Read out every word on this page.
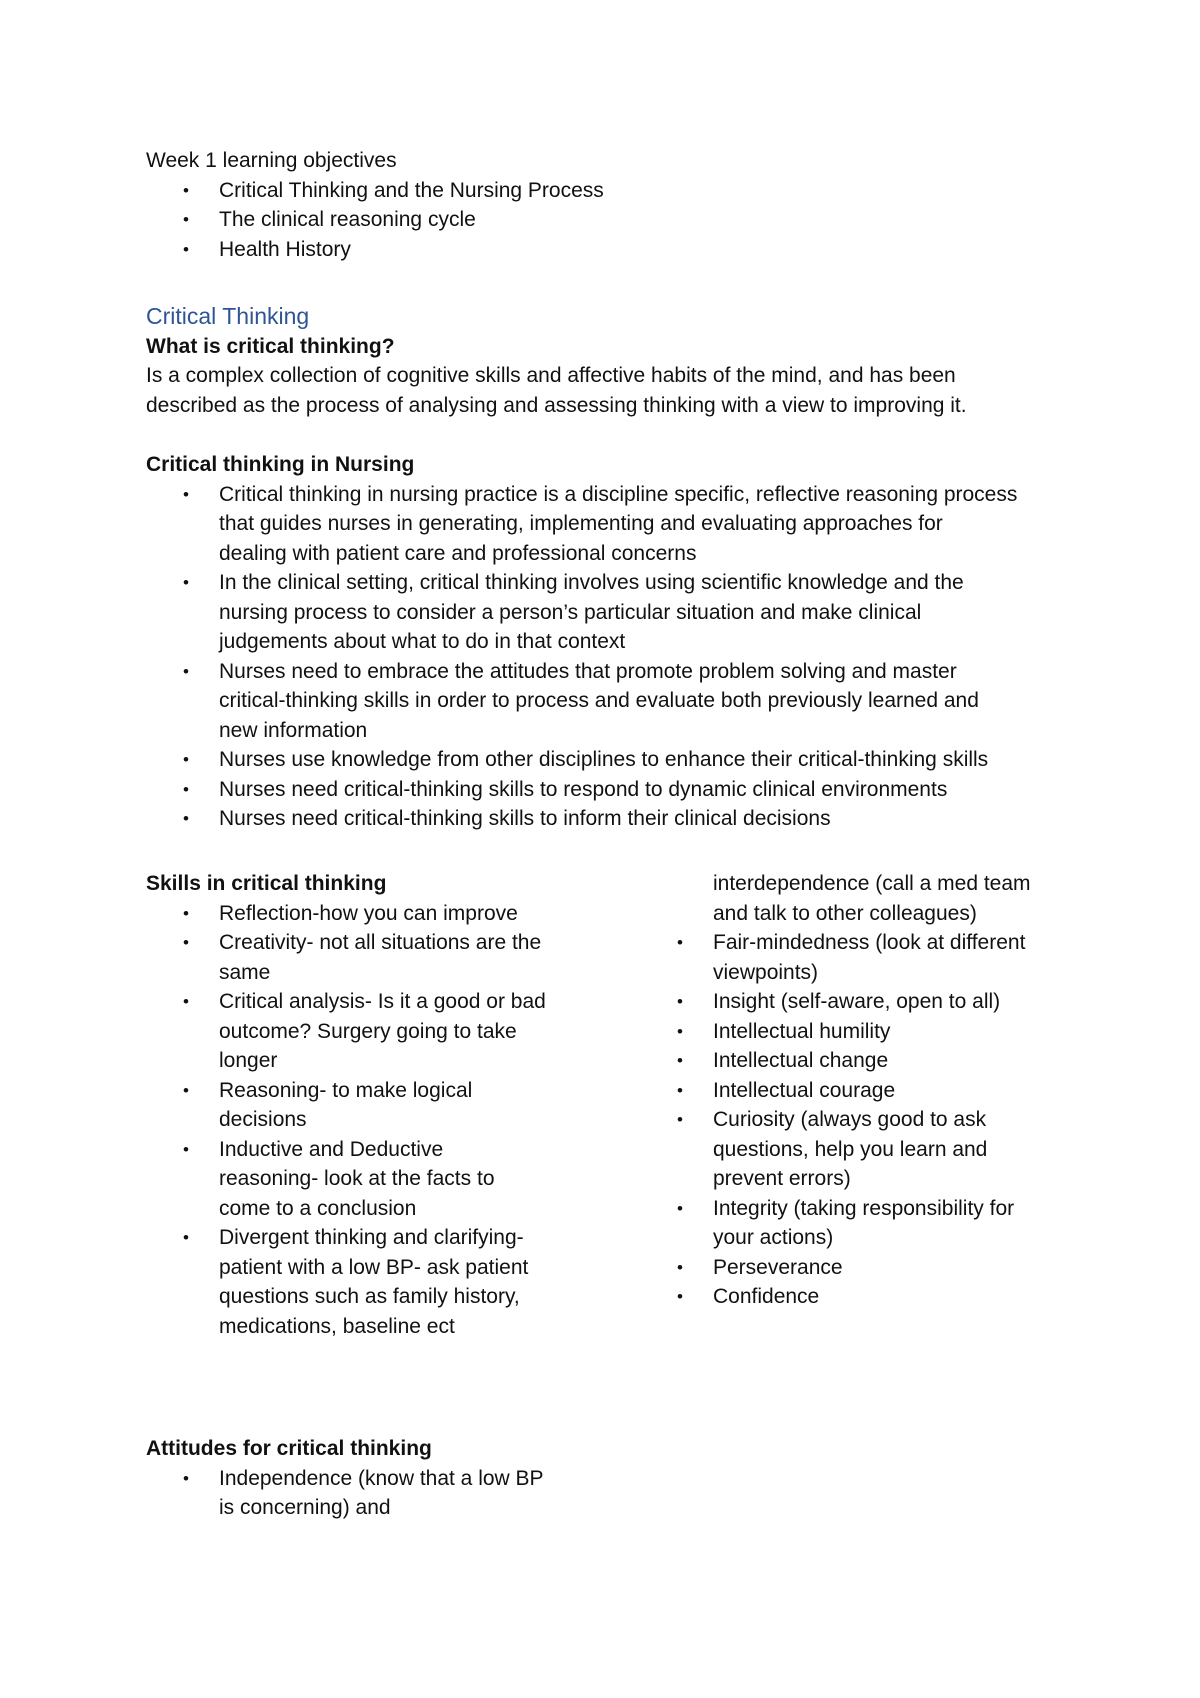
Week 1 learning objectives
• Critical Thinking and the Nursing Process
• The clinical reasoning cycle
• Health History
Critical Thinking
What is critical thinking?
Is a complex collection of cognitive skills and affective habits of the mind, and has been
described as the process of analysing and assessing thinking with a view to improving it.
Critical thinking in Nursing
• Critical thinking in nursing practice is a discipline specific, reflective reasoning process
that guides nurses in generating, implementing and evaluating approaches for
dealing with patient care and professional concerns
• In the clinical setting, critical thinking involves using scientific knowledge and the
nursing process to consider a person’s particular situation and make clinical
judgements about what to do in that context
• Nurses need to embrace the attitudes that promote problem solving and master
critical-thinking skills in order to process and evaluate both previously learned and
new information
• Nurses use knowledge from other disciplines to enhance their critical-thinking skills
• Nurses need critical-thinking skills to respond to dynamic clinical environments
• Nurses need critical-thinking skills to inform their clinical decisions
Skills in critical thinking
• Reflection-how you can improve
• Creativity- not all situations are the
same
• Critical analysis- Is it a good or bad
outcome? Surgery going to take
longer
• Reasoning- to make logical
decisions
• Inductive and Deductive
reasoning- look at the facts to
come to a conclusion
• Divergent thinking and clarifying-
patient with a low BP- ask patient
questions such as family history,
medications, baseline ect
interdependence (call a med team
and talk to other colleagues)
• Fair-mindedness (look at different
viewpoints)
• Insight (self-aware, open to all)
• Intellectual humility
• Intellectual change
• Intellectual courage
• Curiosity (always good to ask
questions, help you learn and
prevent errors)
• Integrity (taking responsibility for
your actions)
• Perseverance
• Confidence
Attitudes for critical thinking
• Independence (know that a low BP
is concerning) and
